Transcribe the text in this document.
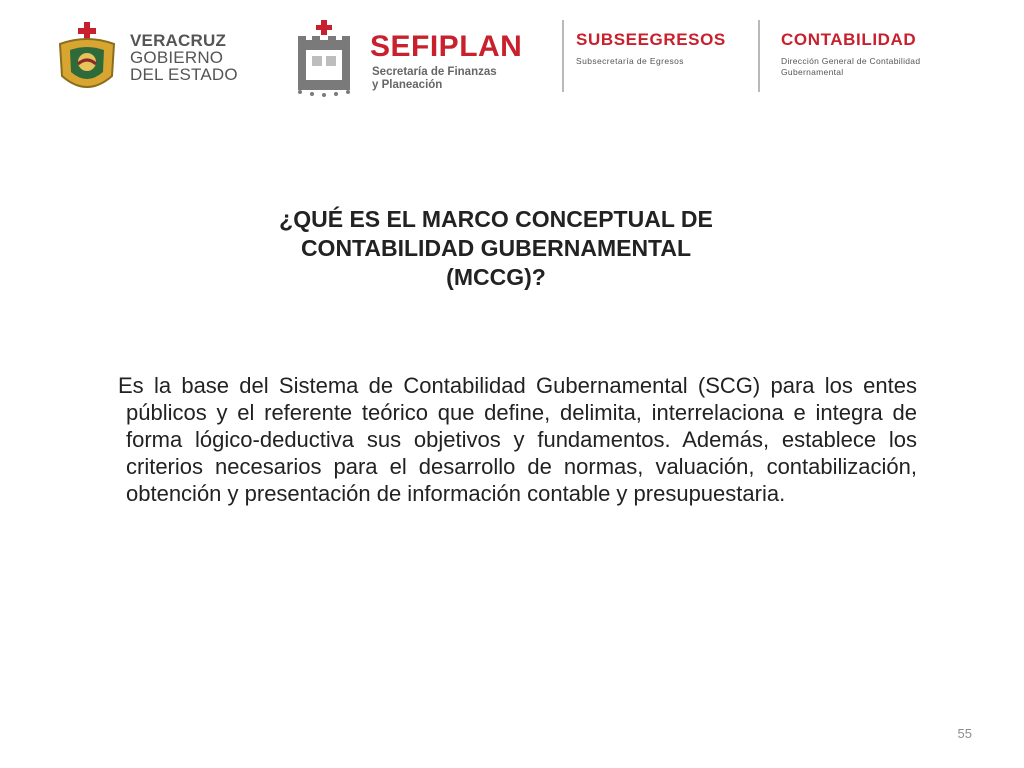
VERACRUZ
GOBIERNO
DEL ESTADO
SEFIPLAN
Secretaría de Finanzas
y Planeación
SUBSEEGRESOS
Subsecretaría de Egresos
CONTABILIDAD
Dirección General de Contabilidad
Gubernamental
¿QUÉ ES EL MARCO CONCEPTUAL DE
CONTABILIDAD GUBERNAMENTAL
(MCCG)?
Es la base del Sistema de Contabilidad Gubernamental (SCG) para los entes públicos y el referente teórico que define, delimita, interrelaciona e integra de forma lógico-deductiva sus objetivos y fundamentos. Además, establece los criterios necesarios para el desarrollo de normas, valuación, contabilización, obtención y presentación de información contable y presupuestaria.
55
